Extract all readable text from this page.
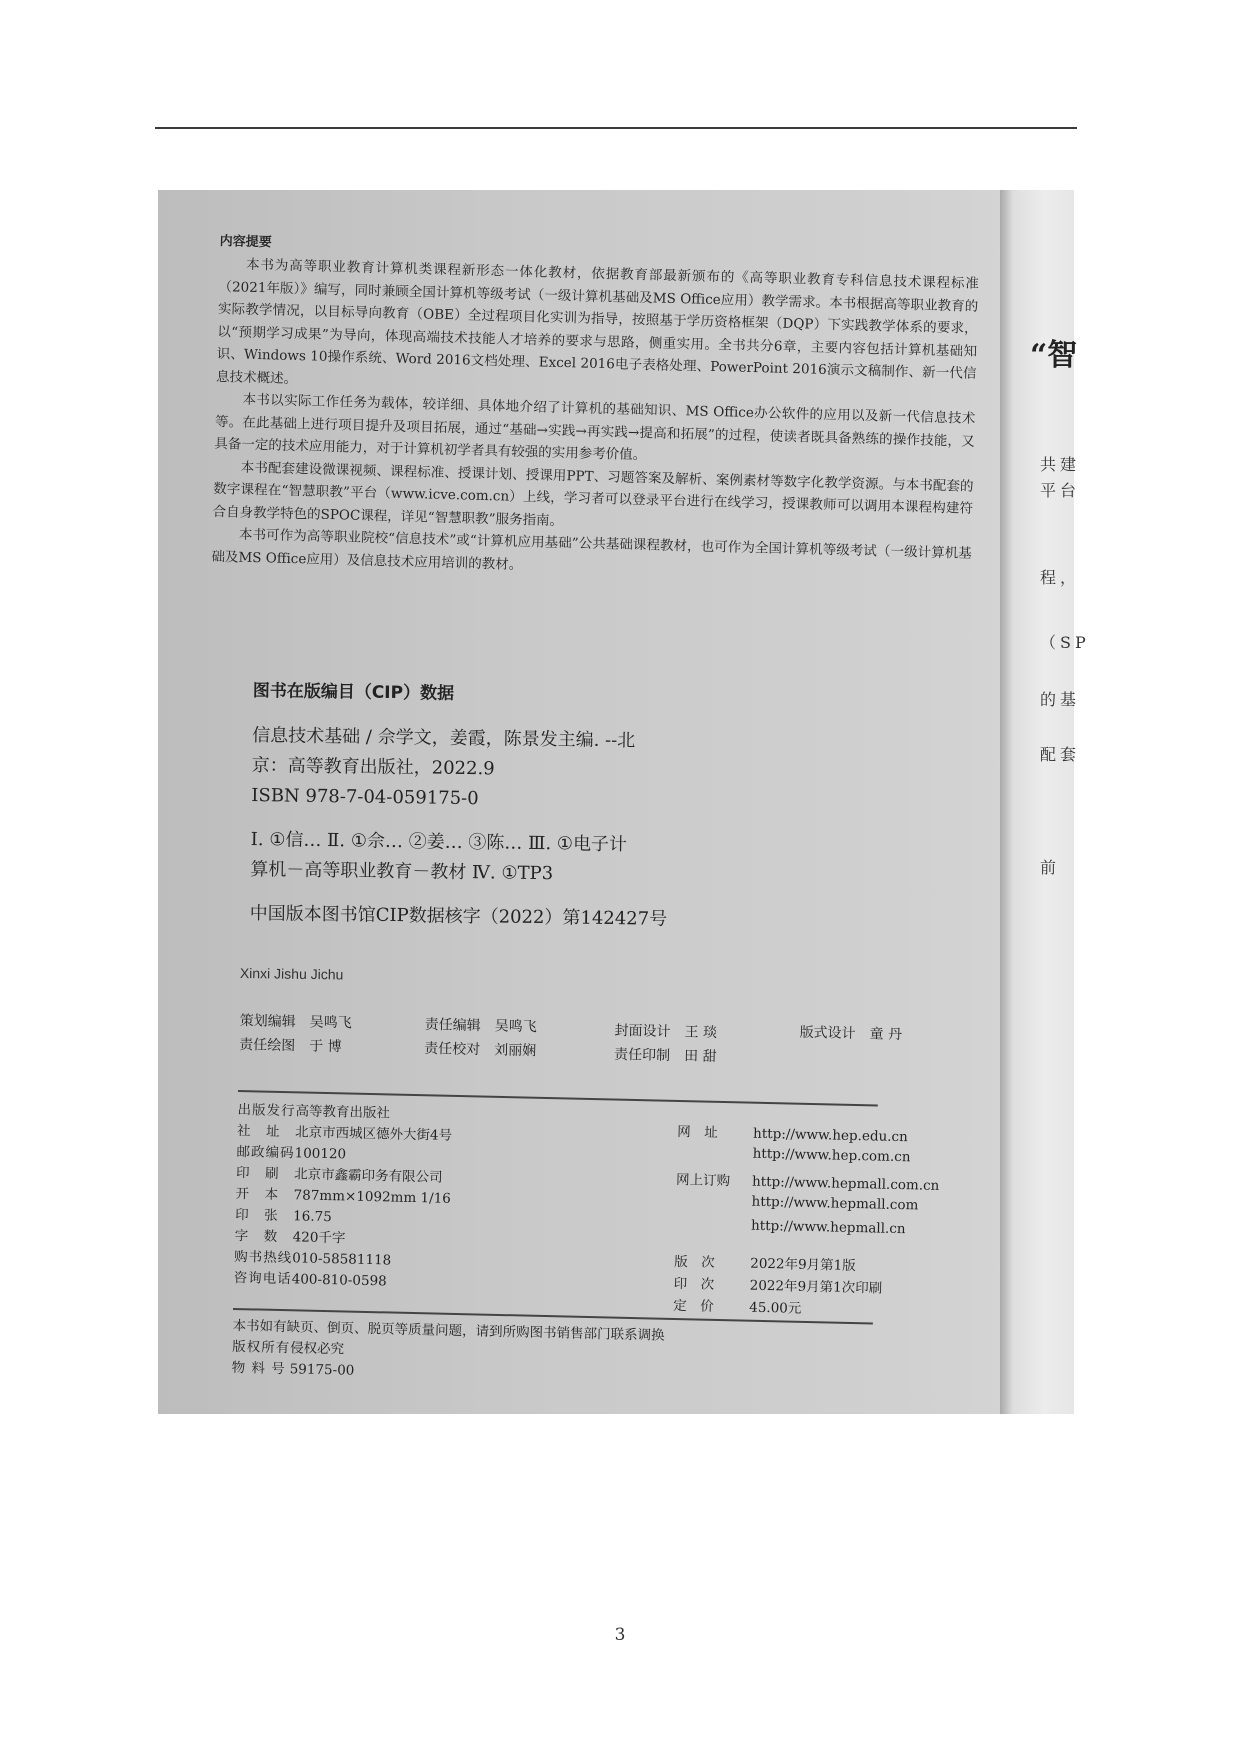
内容提要

本书为高等职业教育计算机类课程新形态一体化教材，依据教育部最新颁布的《高等职业教育专科信息技术课程标准（2021年版）》编写，同时兼顾全国计算机等级考试（一级计算机基础及MS Office应用）教学需求。本书根据高等职业教育的实际教学情况，以目标导向教育（OBE）全过程项目化实训为指导，按照基于学历资格框架（DQP）下实践教学体系的要求，以“预期学习成果”为导向，体现高端技术技能人才培养的要求与思路，侧重实用。全书共分6章，主要内容包括计算机基础知识、Windows 10操作系统、Word 2016文档处理、Excel 2016电子表格处理、PowerPoint 2016演示文稿制作、新一代信息技术概述。

本书以实际工作任务为载体，较详细、具体地介绍了计算机的基础知识、MS Office办公软件的应用以及新一代信息技术等。在此基础上进行项目提升及项目拓展，通过“基础→实践→再实践→提高和拓展”的过程，使读者既具备熟练的操作技能，又具备一定的技术应用能力，对于计算机初学者具有较强的实用参考价值。

本书配套建设微课视频、课程标准、授课计划、授课用PPT、习题答案及解析、案例素材等数字化教学资源。与本书配套的数字课程在“智慧职教”平台（www.icve.com.cn）上线，学习者可以登录平台进行在线学习，授课教师可以调用本课程构建符合自身教学特色的SPOC课程，详见“智慧职教”服务指南。

本书可作为高等职业院校“信息技术”或“计算机应用基础”公共基础课程教材，也可作为全国计算机等级考试（一级计算机基础及MS Office应用）及信息技术应用培训的教材。

图书在版编目（CIP）数据

信息技术基础 / 佘学文，姜霞，陈景发主编. --北

京：高等教育出版社，2022.9

ISBN 978-7-04-059175-0

Ⅰ. ①信… Ⅱ. ①佘… ②姜… ③陈… Ⅲ. ①电子计

算机－高等职业教育－教材 Ⅳ. ①TP3

中国版本图书馆CIP数据核字（2022）第142427号

Xinxi Jishu Jichu
策划编辑　 吴鸣飞	责任编辑　 吴鸣飞	封面设计　 王 琰	版式设计　 童 丹
责任绘图　 于 博	责任校对　 刘丽娴	责任印制　 田 甜
出版发行高等教育出版社
社　址 北京市西城区德外大街4号
邮政编码100120
印　刷 北京市鑫霸印务有限公司
开　本 787mm×1092mm 1/16
印　张 16.75
字　数 420千字
购书热线010-58581118
咨询电话400-810-0598
网　址	http://www.hep.edu.cn
http://www.hep.com.cn
网上订购 http://www.hepmall.com.cn
http://www.hepmall.com
http://www.hepmall.cn
版　次	2022年9月第1版
印　次	2022年9月第1次印刷
定　价	45.00元
本书如有缺页、倒页、脱页等质量问题，请到所购图书销售部门联系调换
版权所有侵权必究
物 料 号 59175-00
“智
共建
平台
程，
（SP
的基
配套
前
3
